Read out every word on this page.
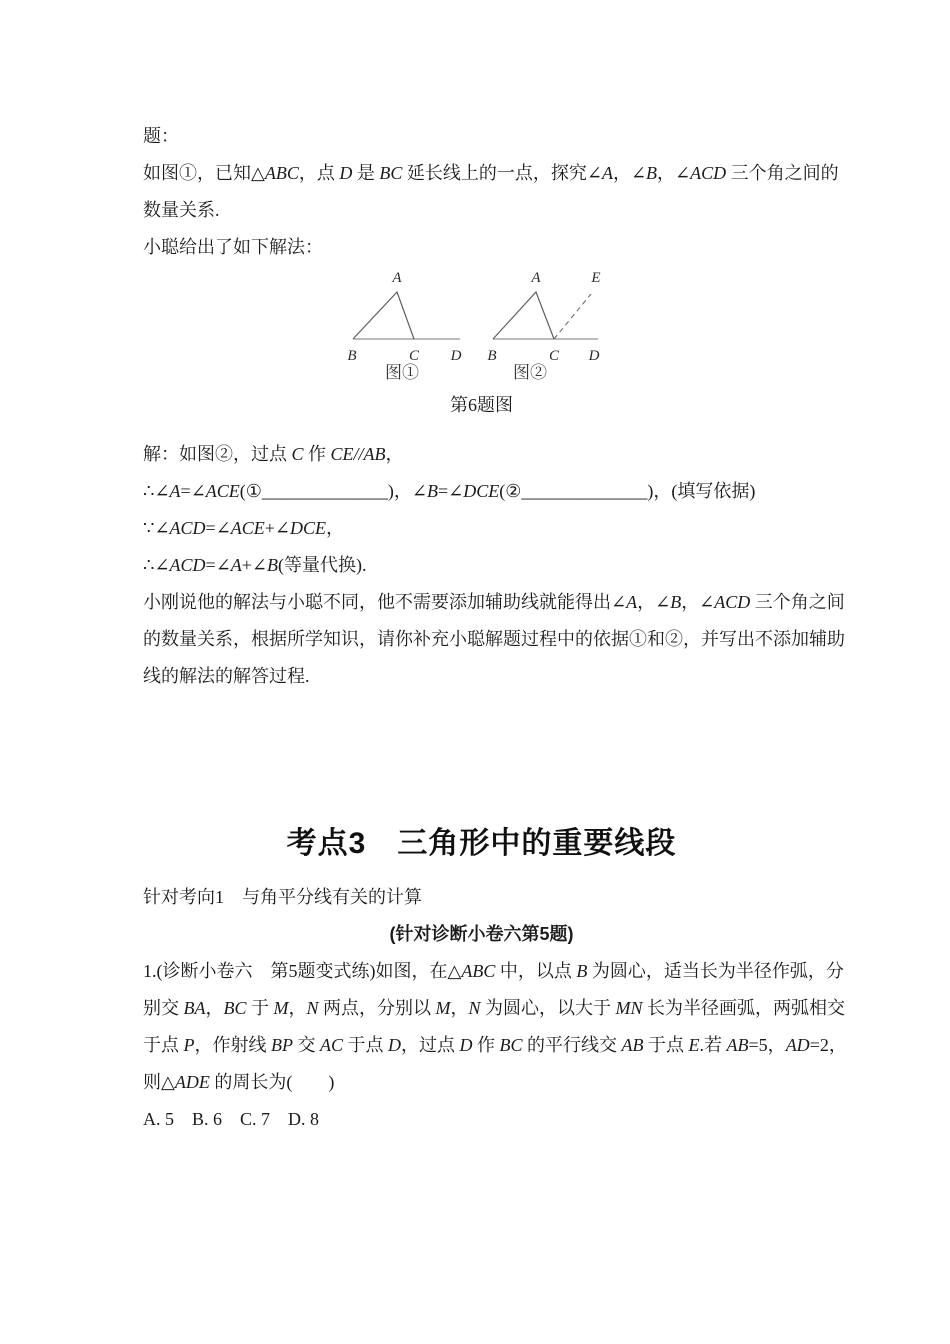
题：
如图①，已知△ABC，点 D 是 BC 延长线上的一点，探究∠A，∠B，∠ACD 三个角之间的
数量关系.
小聪给出了如下解法：
A
B	C D
图①
A	E
B	C D
图②
第6题图
解：如图②，过点 C 作 CE//AB，
∴∠A=∠ACE(①______________)，∠B=∠DCE(②______________)，(填写依据)
∵∠ACD=∠ACE+∠DCE，
∴∠ACD=∠A+∠B(等量代换).
小刚说他的解法与小聪不同，他不需要添加辅助线就能得出∠A，∠B，∠ACD 三个角之间
的数量关系，根据所学知识，请你补充小聪解题过程中的依据①和②，并写出不添加辅助
线的解法的解答过程.
考点3　三角形中的重要线段
针对考向1　与角平分线有关的计算
(针对诊断小卷六第5题)
1.(诊断小卷六　第5题变式练)如图，在△ABC 中，以点 B 为圆心，适当长为半径作弧，分
别交 BA，BC 于 M，N 两点，分别以 M，N 为圆心，以大于 MN 长为半径画弧，两弧相交
于点 P，作射线 BP 交 AC 于点 D，过点 D 作 BC 的平行线交 AB 于点 E.若 AB=5，AD=2，
则△ADE 的周长为(　　)
A. 5 B. 6 C. 7 D. 8
